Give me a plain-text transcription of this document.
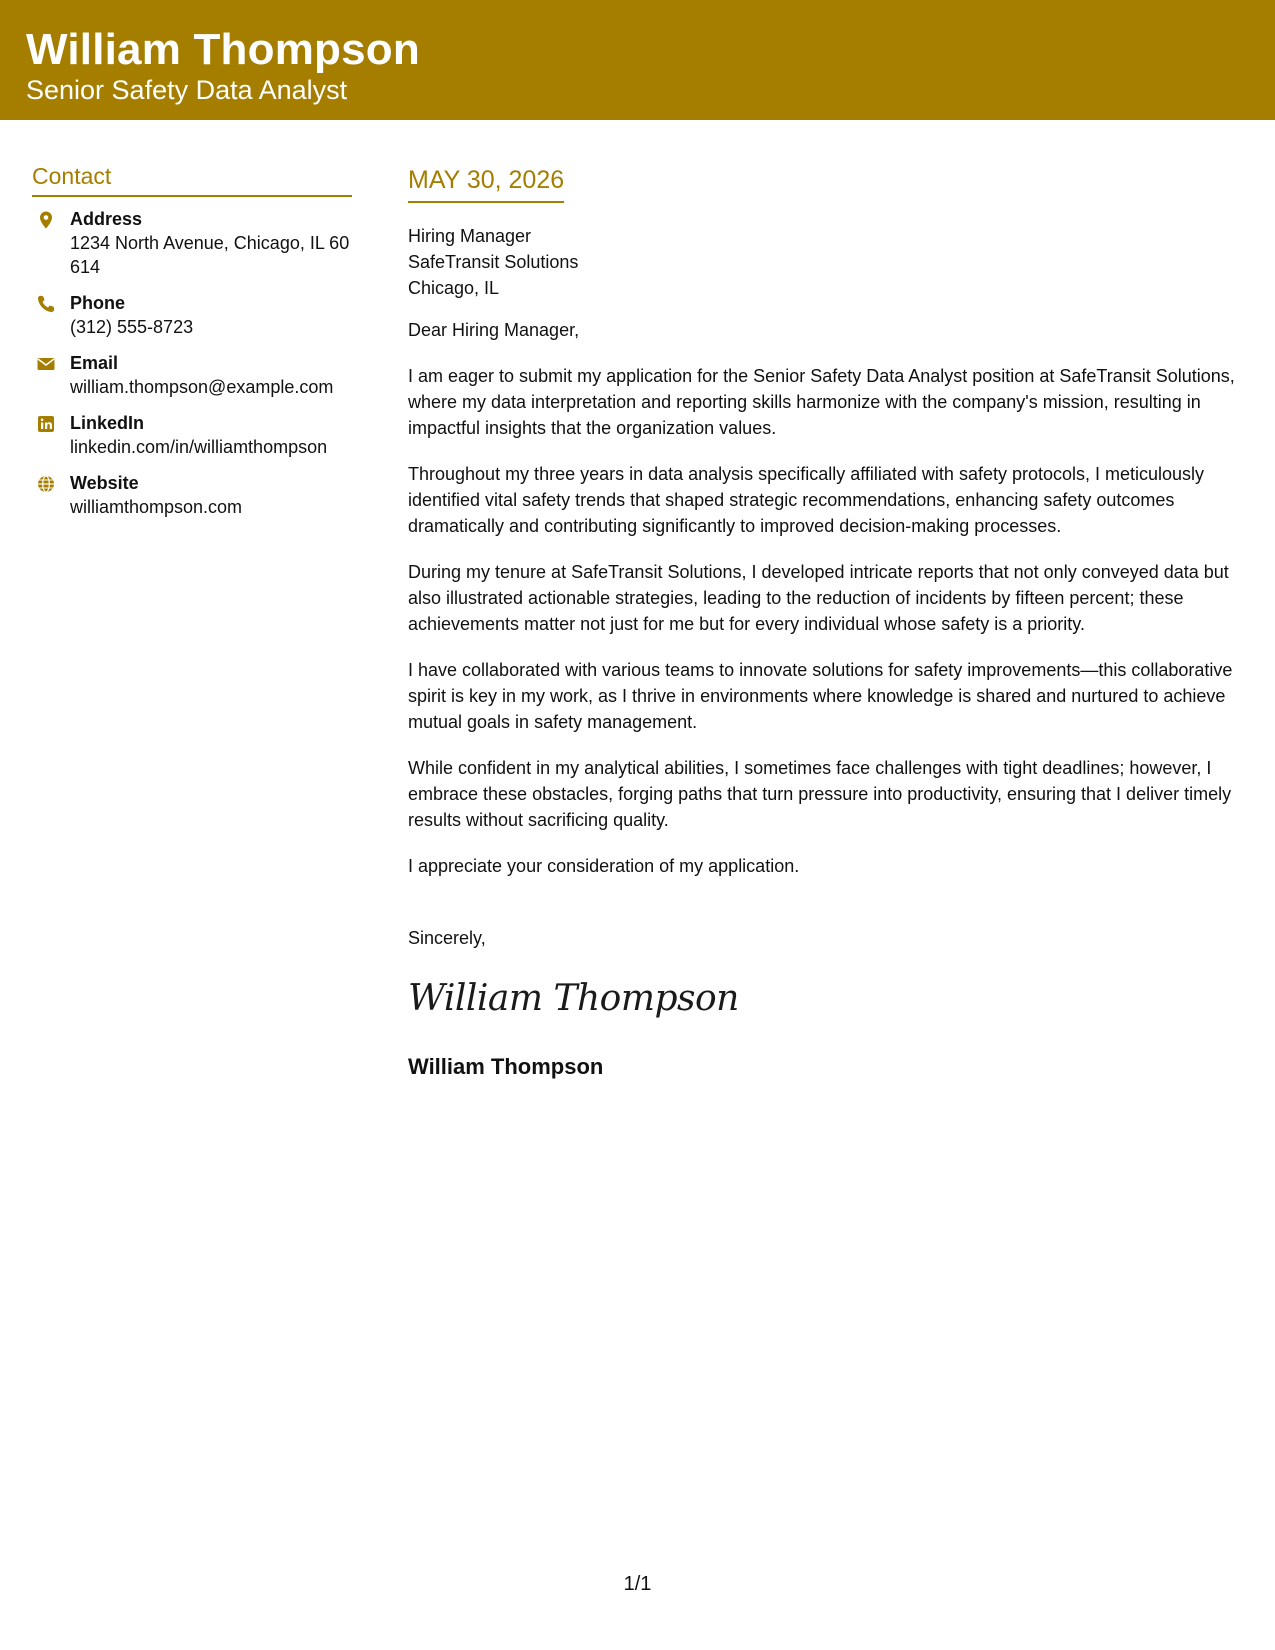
William Thompson
Senior Safety Data Analyst
Contact
Address
1234 North Avenue, Chicago, IL 60614
Phone
(312) 555-8723
Email
william.thompson@example.com
LinkedIn
linkedin.com/in/williamthompson
Website
williamthompson.com
MAY 30, 2026
Hiring Manager
SafeTransit Solutions
Chicago, IL
Dear Hiring Manager,
I am eager to submit my application for the Senior Safety Data Analyst position at SafeTransit Solutions, where my data interpretation and reporting skills harmonize with the company's mission, resulting in impactful insights that the organization values.
Throughout my three years in data analysis specifically affiliated with safety protocols, I meticulously identified vital safety trends that shaped strategic recommendations, enhancing safety outcomes dramatically and contributing significantly to improved decision-making processes.
During my tenure at SafeTransit Solutions, I developed intricate reports that not only conveyed data but also illustrated actionable strategies, leading to the reduction of incidents by fifteen percent; these achievements matter not just for me but for every individual whose safety is a priority.
I have collaborated with various teams to innovate solutions for safety improvements—this collaborative spirit is key in my work, as I thrive in environments where knowledge is shared and nurtured to achieve mutual goals in safety management.
While confident in my analytical abilities, I sometimes face challenges with tight deadlines; however, I embrace these obstacles, forging paths that turn pressure into productivity, ensuring that I deliver timely results without sacrificing quality.
I appreciate your consideration of my application.
Sincerely,
William Thompson
William Thompson
1/1
